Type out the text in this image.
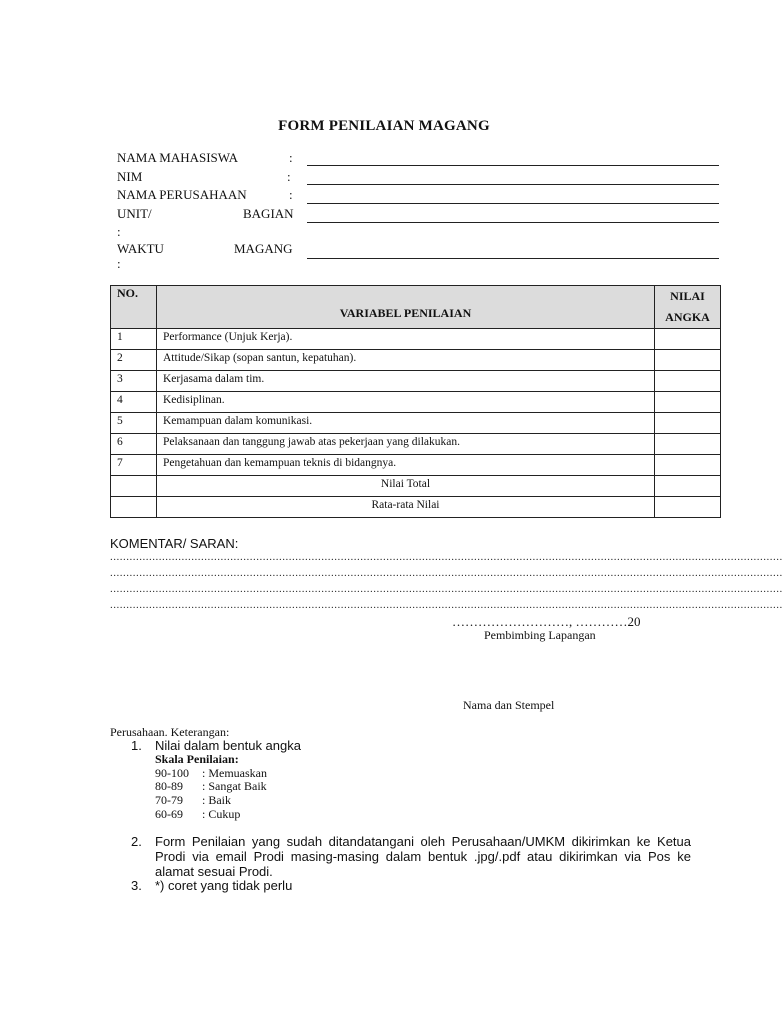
FORM PENILAIAN MAGANG
NAMA MAHASISWA	:
NIM	:
NAMA PERUSAHAAN	:
UNIT/	BAGIAN
:
WAKTU	MAGANG
:
NO.	VARIABEL PENILAIAN	NILAI
ANGKA

1	Performance (Unjuk Kerja).	
2	Attitude/Sikap (sopan santun, kepatuhan).	
3	Kerjasama dalam tim.	
4	Kedisiplinan.	
5	Kemampuan dalam komunikasi.	
6	Pelaksanaan dan tanggung jawab atas pekerjaan yang dilakukan.	
7	Pengetahuan dan kemampuan teknis di bidangnya.	
	Nilai Total	
	Rata-rata Nilai	
KOMENTAR/ SARAN:
...............................................................................................................................................................................................................
...............................................................................................................................................................................................................
...............................................................................................................................................................................................................
...............................................................................................................................................................................................................
………………………, …………20
Pembimbing Lapangan
Nama dan Stempel
Perusahaan. Keterangan:
1. Nilai dalam bentuk angka
Skala Penilaian:
90-100 : Memuaskan
80-89 : Sangat Baik
70-79 : Baik
60-69 : Cukup
2. Form Penilaian yang sudah ditandatangani oleh Perusahaan/UMKM dikirimkan ke Ketua Prodi via email Prodi masing-masing dalam bentuk .jpg/.pdf atau dikirimkan via Pos ke alamat sesuai Prodi.
3. *) coret yang tidak perlu
